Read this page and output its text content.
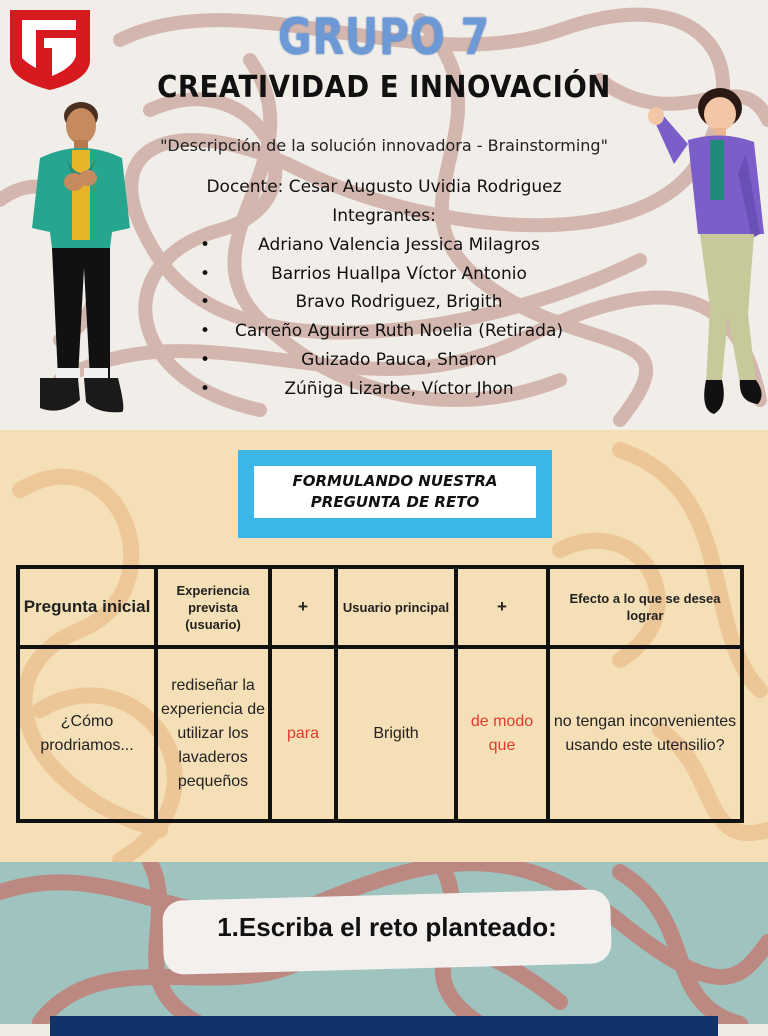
GRUPO 7
CREATIVIDAD E INNOVACIÓN
"Descripción de la solución innovadora - Brainstorming"
Docente: Cesar Augusto Uvidia Rodriguez
Integrantes:
•	Adriano Valencia Jessica Milagros
•	Barrios Huallpa Víctor Antonio
•	Bravo Rodriguez, Brigith
•	Carreño Aguirre Ruth Noelia (Retirada)
•	Guizado Pauca, Sharon
•	Zúñiga Lizarbe, Víctor Jhon
FORMULANDO NUESTRA PREGUNTA DE RETO
Pregunta inicial	Experiencia prevista (usuario)	+	Usuario principal	+	Efecto a lo que se desea lograr
¿Cómo prodriamos...	rediseñar la experiencia de utilizar los lavaderos pequeños	para	Brigith	de modo que	no tengan inconvenientes usando este utensilio?
1.Escriba el reto planteado:
